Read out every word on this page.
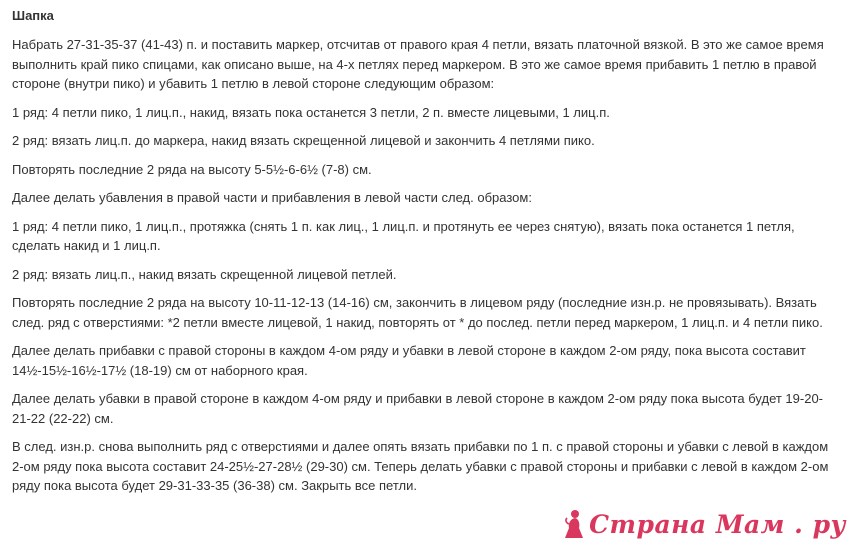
Шапка

Набрать 27-31-35-37 (41-43) п. и поставить маркер, отсчитав от правого края 4 петли, вязать платочной вязкой. В это же самое время выполнить край пико спицами, как описано выше, на 4-х петлях перед маркером. В это же самое время прибавить 1 петлю в правой стороне (внутри пико) и убавить 1 петлю в левой стороне следующим образом:

1 ряд: 4 петли пико, 1 лиц.п., накид, вязать пока останется 3 петли, 2 п. вместе лицевыми, 1 лиц.п.

2 ряд: вязать лиц.п. до маркера, накид вязать скрещенной лицевой и закончить 4 петлями пико.

Повторять последние 2 ряда на высоту 5-5½-6-6½ (7-8) см.

Далее делать убавления в правой части и прибавления в левой части след. образом:

1 ряд: 4 петли пико, 1 лиц.п., протяжка (снять 1 п. как лиц., 1 лиц.п. и протянуть ее через снятую), вязать пока останется 1 петля, сделать накид и 1 лиц.п.

2 ряд: вязать лиц.п., накид вязать скрещенной лицевой петлей.

Повторять последние 2 ряда на высоту 10-11-12-13 (14-16) см, закончить в лицевом ряду (последние изн.р. не провязывать). Вязать след. ряд с отверстиями: *2 петли вместе лицевой, 1 накид, повторять от * до послед. петли перед маркером, 1 лиц.п. и 4 петли пико.

Далее делать прибавки с правой стороны в каждом 4-ом ряду и убавки в левой стороне в каждом 2-ом ряду, пока высота составит 14½-15½-16½-17½ (18-19) см от наборного края.

Далее делать убавки в правой стороне в каждом 4-ом ряду и прибавки в левой стороне в каждом 2-ом ряду пока высота будет 19-20-21-22 (22-22) см.

В след. изн.р. снова выполнить ряд с отверстиями и далее опять вязать прибавки по 1 п. с правой стороны и убавки с левой в каждом 2-ом ряду пока высота составит 24-25½-27-28½ (29-30) см. Теперь делать убавки с правой стороны и прибавки с левой в каждом 2-ом ряду пока высота будет 29-31-33-35 (36-38) см. Закрыть все петли.

Страна Мам . ру
